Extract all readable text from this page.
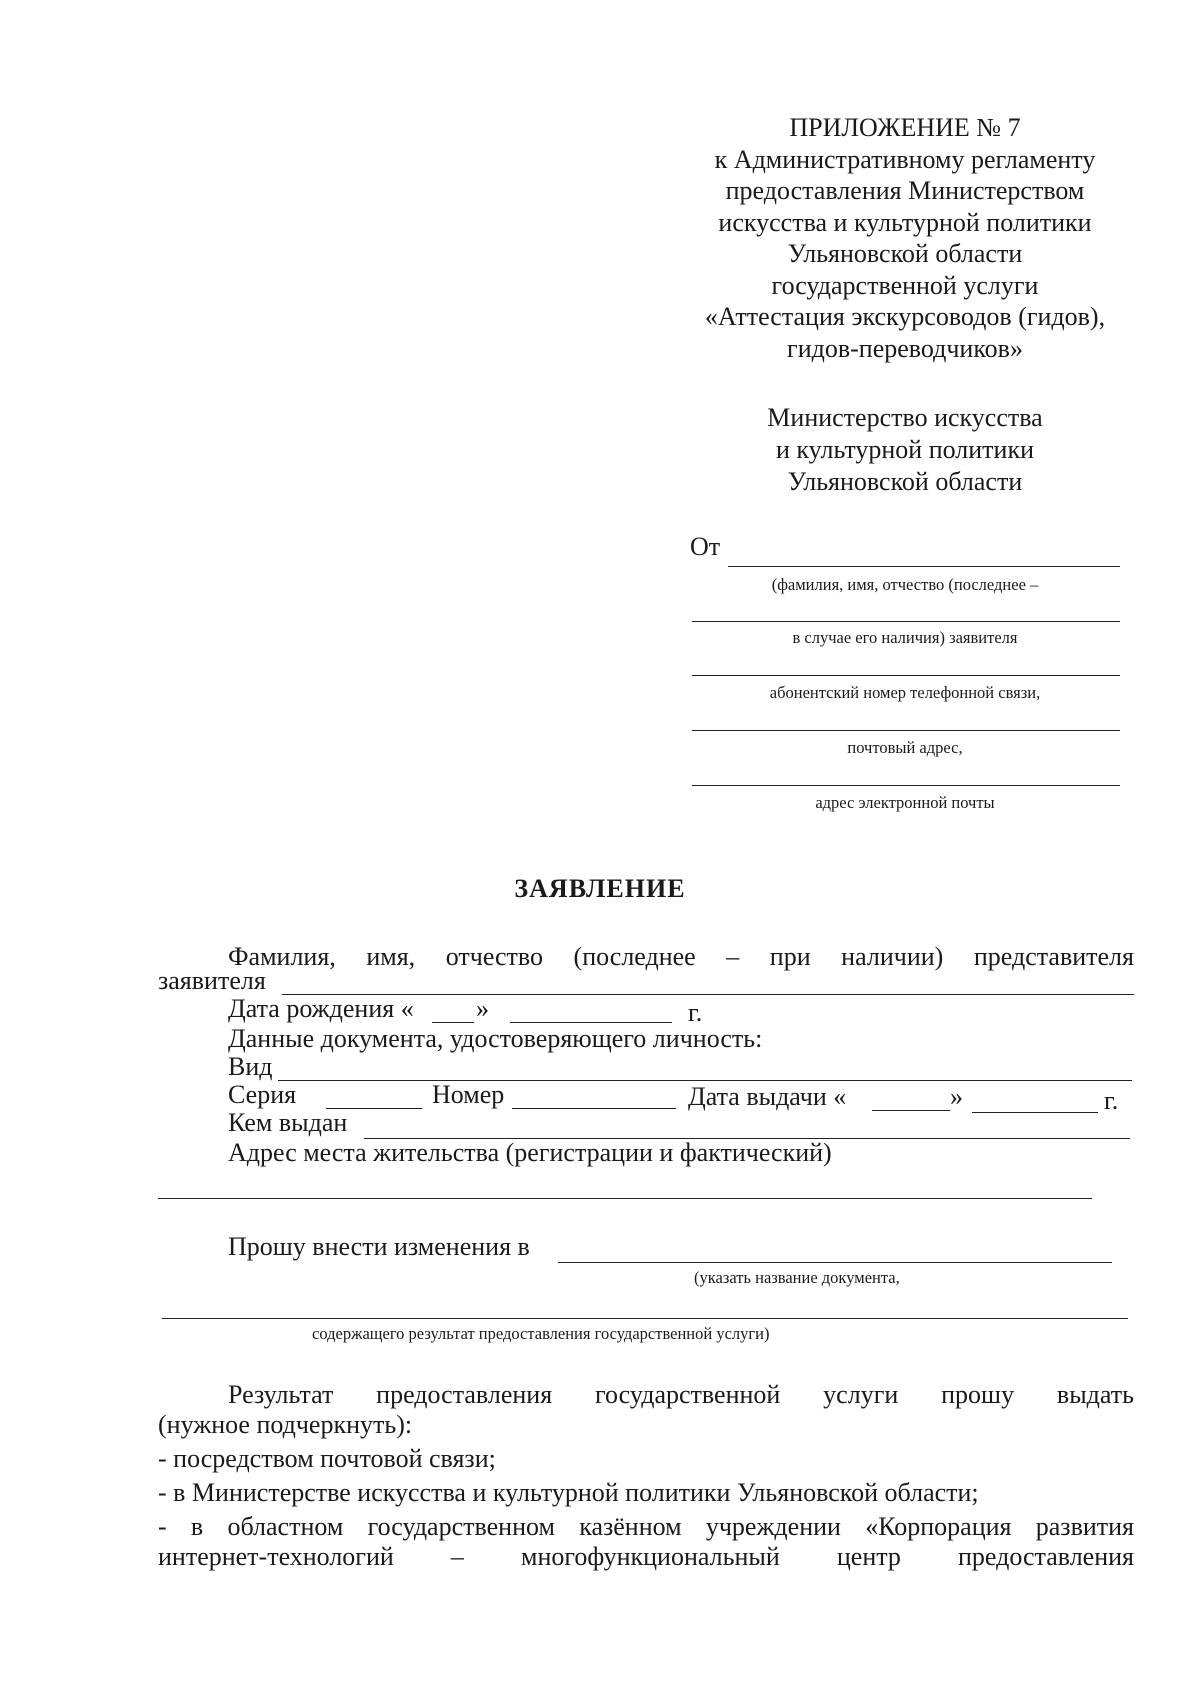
ПРИЛОЖЕНИЕ № 7
к Административному регламенту
предоставления Министерством
искусства и культурной политики
Ульяновской области
государственной услуги
«Аттестация экскурсоводов (гидов),
гидов-переводчиков»
Министерство искусства
и культурной политики
Ульяновской области
От
(фамилия, имя, отчество (последнее –
в случае его наличия) заявителя
абонентский номер телефонной связи,
почтовый адрес,
адрес электронной почты
ЗАЯВЛЕНИЕ
Фамилия, имя, отчество (последнее – при наличии) представителя
заявителя
Дата рождения « »	г.
Данные документа, удостоверяющего личность:
Вид
Серия	Номер	Дата выдачи «	»	г.
Кем выдан
Адрес места жительства (регистрации и фактический)
Прошу внести изменения в
(указать название документа,
содержащего результат предоставления государственной услуги)
Результат предоставления государственной услуги прошу выдать
(нужное подчеркнуть):
- посредством почтовой связи;
- в Министерстве искусства и культурной политики Ульяновской области;
- в областном государственном казённом учреждении «Корпорация развития
интернет-технологий – многофункциональный центр предоставления
